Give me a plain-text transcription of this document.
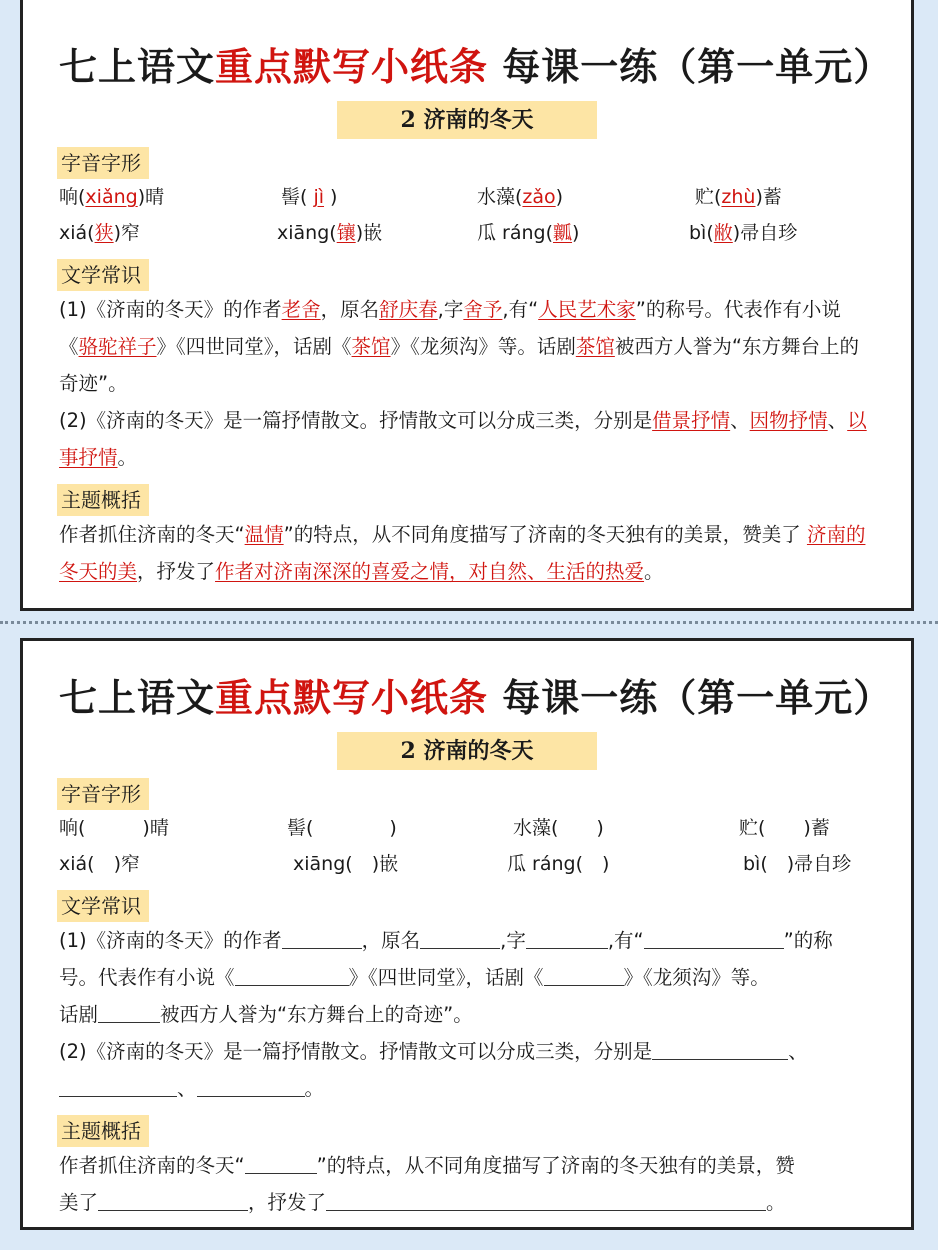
七上语文重点默写小纸条 每课一练（第一单元）
2 济南的冬天
字音字形
响(xiǎng)晴	髻( jì )	水藻(zǎo)	贮(zhù)蓄
xiá(狭)窄	xiāng(镶)嵌	瓜 ráng(瓤)	bì(敝)帚自珍
文学常识

(1)《济南的冬天》的作者老舍，原名舒庆春,字舍予,有“人民艺术家”的称号。代表作有小说《骆驼祥子》《四世同堂》，话剧《茶馆》《龙须沟》等。话剧茶馆被西方人誉为“东方舞台上的奇迹”。

(2)《济南的冬天》是一篇抒情散文。抒情散文可以分成三类，分别是借景抒情、因物抒情、以事抒情。

主题概括

作者抓住济南的冬天“温情”的特点，从不同角度描写了济南的冬天独有的美景，赞美了 济南的冬天的美，抒发了作者对济南深深的喜爱之情，对自然、生活的热爱。

七上语文重点默写小纸条 每课一练（第一单元）
2 济南的冬天
字音字形
响(　　　)晴	髻(　　　　)	水藻(　　)	贮(　　)蓄
xiá(　)窄	xiāng(　)嵌	瓜 ráng(　)	bì(　)帚自珍
文学常识

(1)《济南的冬天》的作者	，原名	,字	,有“	”的称
号。代表作有小说《	》《四世同堂》，话剧《	》《龙须沟》等。
话剧	被西方人誉为“东方舞台上的奇迹”。

(2)《济南的冬天》是一篇抒情散文。抒情散文可以分成三类，分别是	、
、	。

主题概括

作者抓住济南的冬天“	”的特点，从不同角度描写了济南的冬天独有的美景，赞
美了	，抒发了	。
